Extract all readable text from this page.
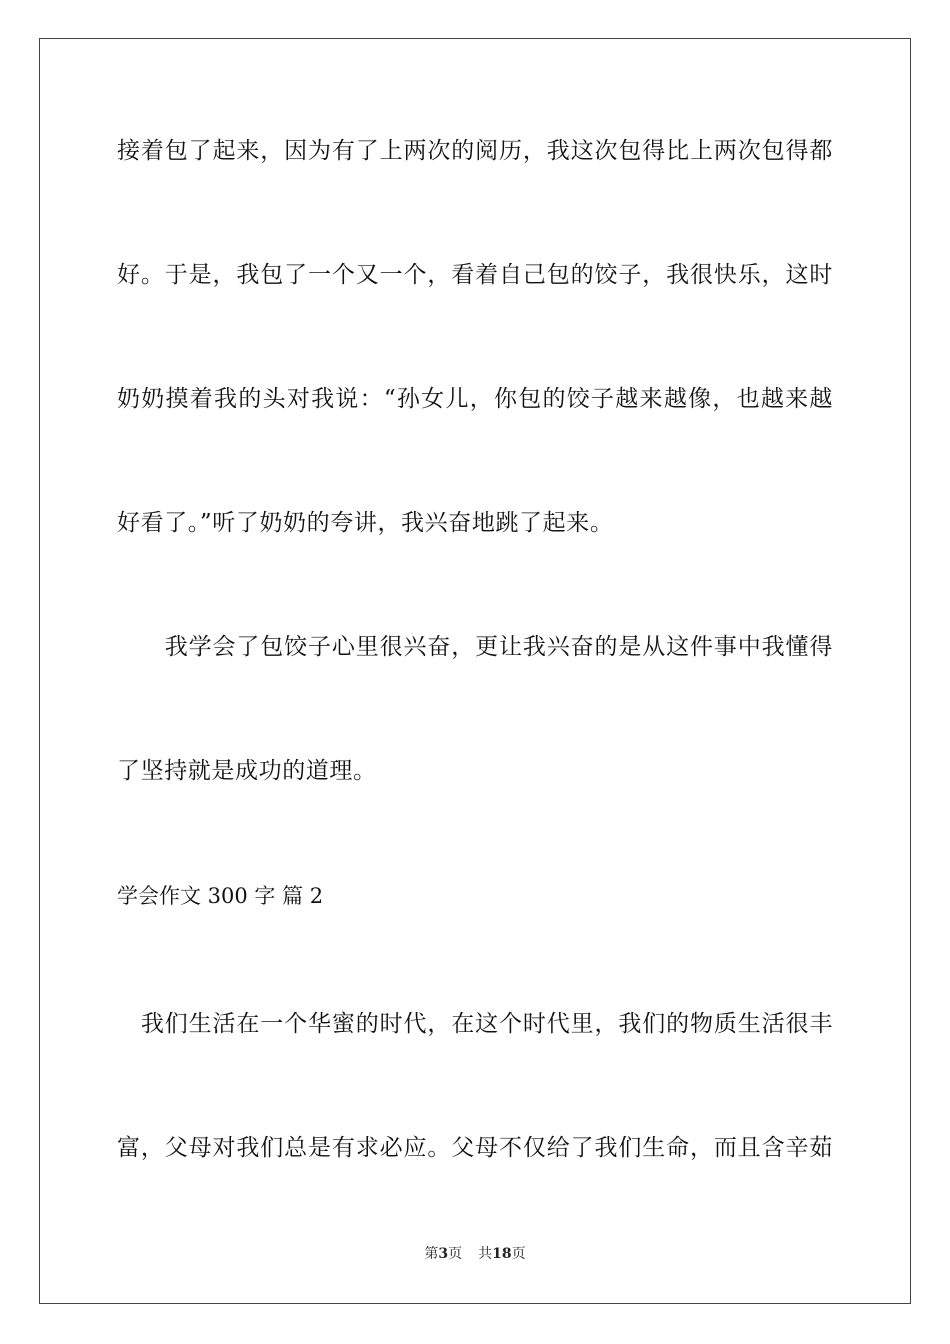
接着包了起来，因为有了上两次的阅历，我这次包得比上两次包得都
好。于是，我包了一个又一个，看着自己包的饺子，我很快乐，这时
奶奶摸着我的头对我说：“孙女儿，你包的饺子越来越像，也越来越
好看了。”听了奶奶的夸讲，我兴奋地跳了起来。
　　我学会了包饺子心里很兴奋，更让我兴奋的是从这件事中我懂得
了坚持就是成功的道理。
学会作文 300 字 篇 2
　我们生活在一个华蜜的时代，在这个时代里，我们的物质生活很丰
富，父母对我们总是有求必应。父母不仅给了我们生命，而且含辛茹
第3页 共18页
